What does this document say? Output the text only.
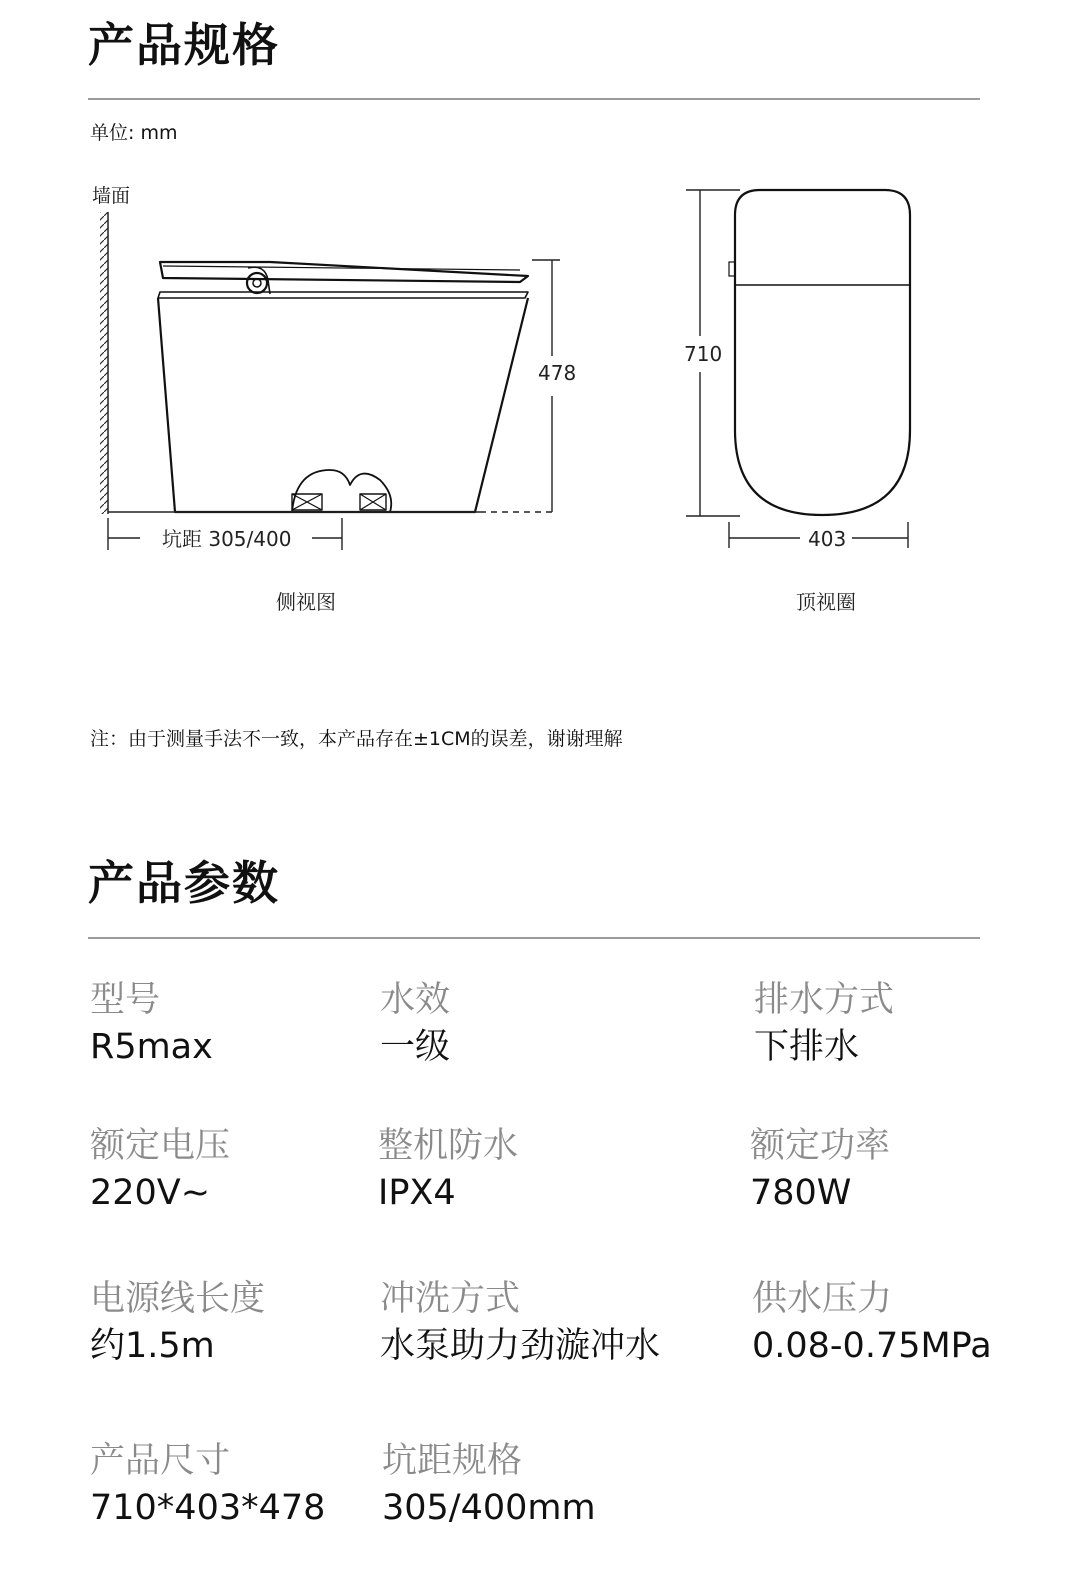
产品规格
单位: mm
墙面
478
坑距 305/400
侧视图
710
403
顶视圈
注：由于测量手法不一致，本产品存在±1CM的误差，谢谢理解
产品参数
型号
R5max
水效
一级
排水方式
下排水
额定电压
220V~
整机防水
IPX4
额定功率
780W
电源线长度
约1.5m
冲洗方式
水泵助力劲漩冲水
供水压力
0.08-0.75MPa
产品尺寸
710*403*478
坑距规格
305/400mm
